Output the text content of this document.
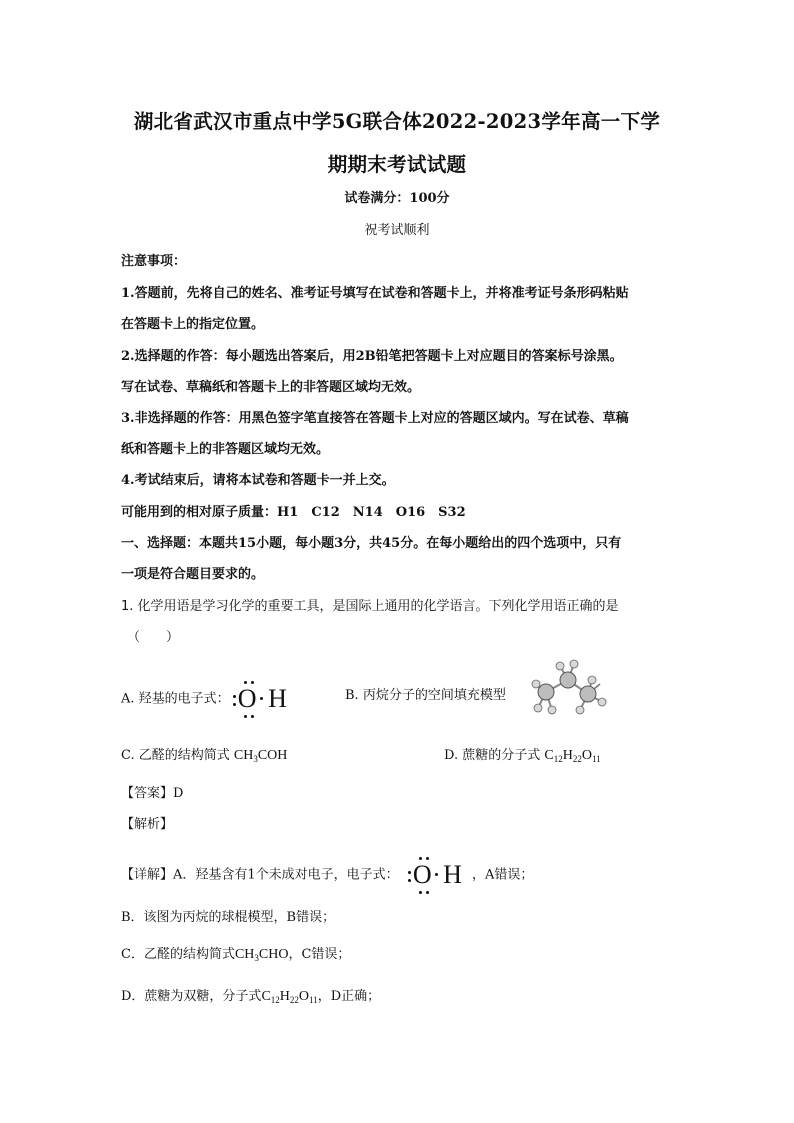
湖北省武汉市重点中学5G联合体2022-2023学年高一下学
期期末考试试题
试卷满分：100分
祝考试顺利
注意事项：
1.答题前，先将自己的姓名、准考证号填写在试卷和答题卡上，并将准考证号条形码粘贴
在答题卡上的指定位置。
2.选择题的作答：每小题选出答案后，用2B铅笔把答题卡上对应题目的答案标号涂黑。
写在试卷、草稿纸和答题卡上的非答题区域均无效。
3.非选择题的作答：用黑色签字笔直接答在答题卡上对应的答题区域内。写在试卷、草稿
纸和答题卡上的非答题区域均无效。
4.考试结束后，请将本试卷和答题卡一并上交。
可能用到的相对原子质量：H1　C12　N14　O16　S32
一、选择题：本题共15小题，每小题3分，共45分。在每小题给出的四个选项中，只有
一项是符合题目要求的。
1. 化学用语是学习化学的重要工具，是国际上通用的化学语言。下列化学用语正确的是
（　　）
A. 羟基的电子式： O H	B. 丙烷分子的空间填充模型
C. 乙醛的结构简式 $CH_3COH$	D. 蔗糖的分子式 $C_{12}H_{22}O_{11}$
【答案】D
【解析】
【详解】A．羟基含有1个未成对电子，电子式： O H ，A错误；
B．该图为丙烷的球棍模型，B错误；
C．乙醛的结构简式$CH_3CHO$，C错误；
D．蔗糖为双糖，分子式$C_{12}H_{22}O_{11}$，D正确；
